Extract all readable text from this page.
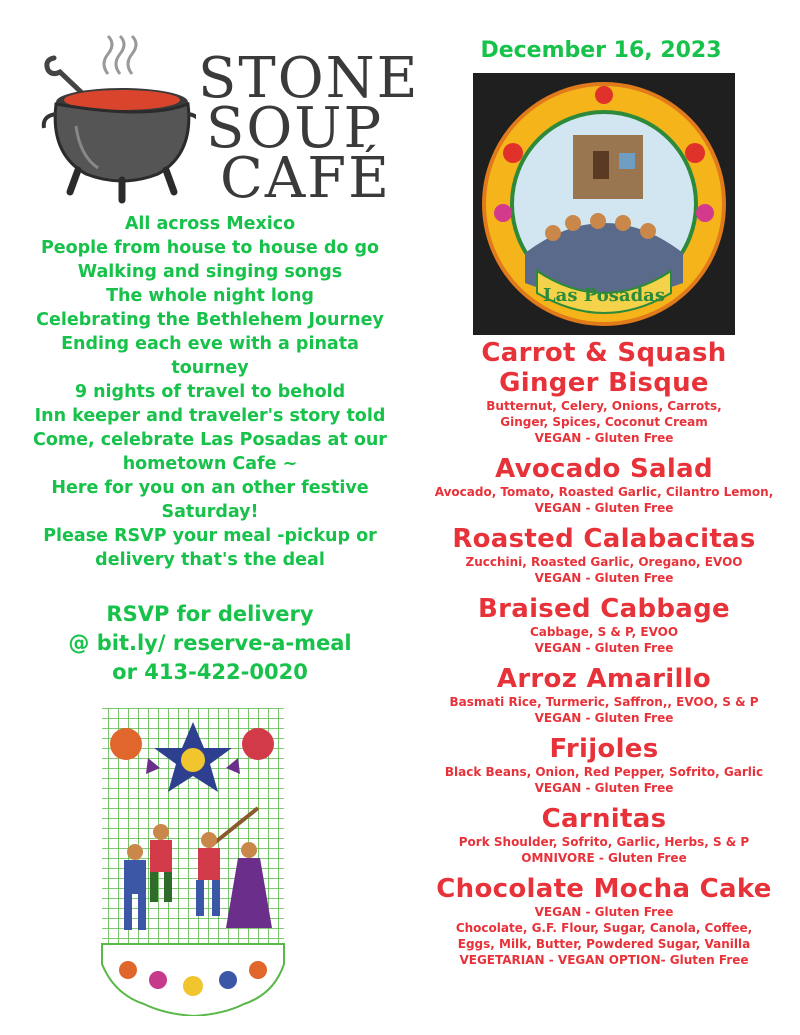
STONE
SOUP
CAFÉ
All across Mexico
People from house to house do go
Walking and singing songs
The whole night long
Celebrating the Bethlehem Journey
Ending each eve with a pinata
tourney
9 nights of travel to behold
Inn keeper and traveler's story told
Come, celebrate Las Posadas at our
hometown Cafe ~
Here for you on an other festive
Saturday!
Please RSVP your meal -pickup or
delivery that's the deal
RSVP for delivery
@ bit.ly/ reserve-a-meal
or 413-422-0020
December 16, 2023
Las Posadas
Carrot & Squash
Ginger Bisque
Butternut, Celery, Onions, Carrots,
Ginger, Spices, Coconut Cream
VEGAN - Gluten Free
Avocado Salad
Avocado, Tomato, Roasted Garlic, Cilantro Lemon,
VEGAN - Gluten Free
Roasted Calabacitas
Zucchini, Roasted Garlic, Oregano, EVOO
VEGAN - Gluten Free
Braised Cabbage
Cabbage, S & P, EVOO
VEGAN - Gluten Free
Arroz Amarillo
Basmati Rice, Turmeric, Saffron,, EVOO, S & P
VEGAN - Gluten Free
Frijoles
Black Beans, Onion, Red Pepper, Sofrito, Garlic
VEGAN - Gluten Free
Carnitas
Pork Shoulder, Sofrito, Garlic, Herbs, S & P
OMNIVORE - Gluten Free
Chocolate Mocha Cake
VEGAN - Gluten Free
Chocolate, G.F. Flour, Sugar, Canola, Coffee,
Eggs, Milk, Butter, Powdered Sugar, Vanilla
VEGETARIAN - VEGAN OPTION- Gluten Free
